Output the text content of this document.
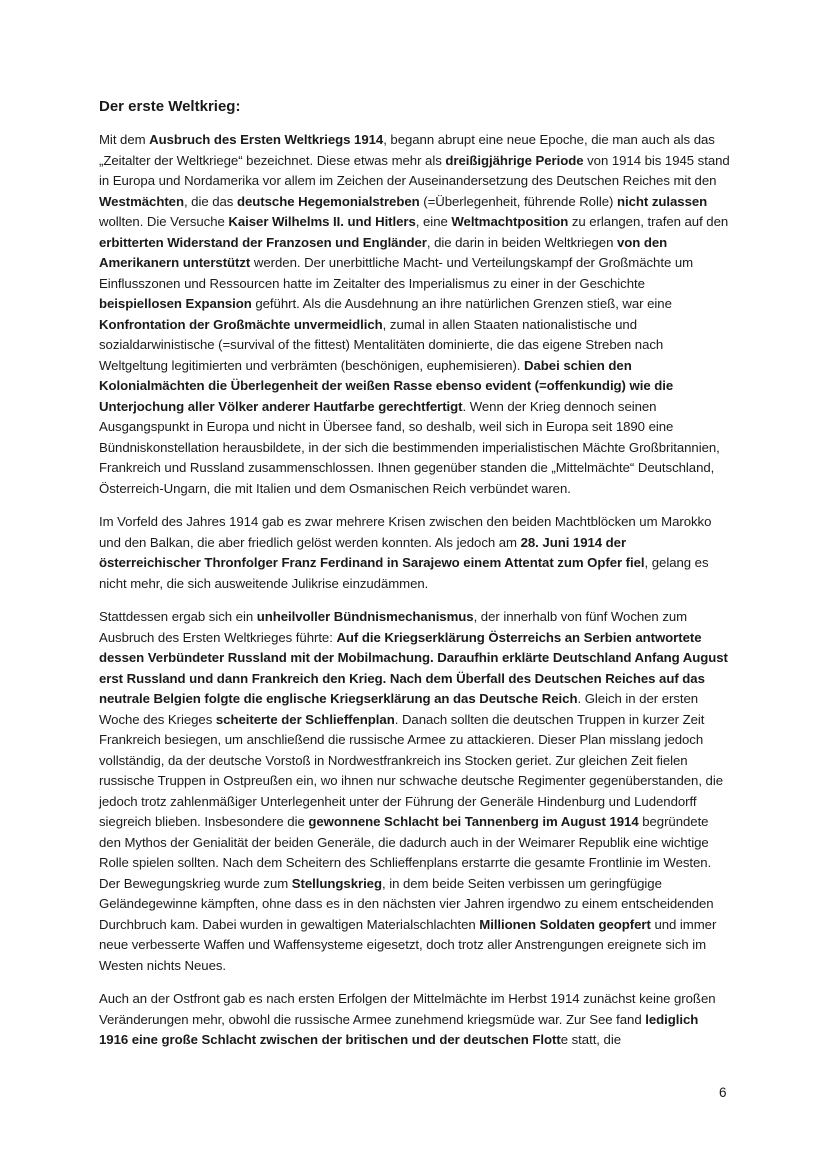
Der erste Weltkrieg:

Mit dem Ausbruch des Ersten Weltkriegs 1914, begann abrupt eine neue Epoche, die man auch als das „Zeitalter der Weltkriege“ bezeichnet. Diese etwas mehr als dreißigjährige Periode von 1914 bis 1945 stand in Europa und Nordamerika vor allem im Zeichen der Auseinandersetzung des Deutschen Reiches mit den Westmächten, die das deutsche Hegemonialstreben (=Überlegenheit, führende Rolle) nicht zulassen wollten. Die Versuche Kaiser Wilhelms II. und Hitlers, eine Weltmachtposition zu erlangen, trafen auf den erbitterten Widerstand der Franzosen und Engländer, die darin in beiden Weltkriegen von den Amerikanern unterstützt werden. Der unerbittliche Macht- und Verteilungskampf der Großmächte um Einflusszonen und Ressourcen hatte im Zeitalter des Imperialismus zu einer in der Geschichte beispiellosen Expansion geführt. Als die Ausdehnung an ihre natürlichen Grenzen stieß, war eine Konfrontation der Großmächte unvermeidlich, zumal in allen Staaten nationalistische und sozialdarwinistische (=survival of the fittest) Mentalitäten dominierte, die das eigene Streben nach Weltgeltung legitimierten und verbrämten (beschönigen, euphemisieren). Dabei schien den Kolonialmächten die Überlegenheit der weißen Rasse ebenso evident (=offenkundig) wie die Unterjochung aller Völker anderer Hautfarbe gerechtfertigt. Wenn der Krieg dennoch seinen Ausgangspunkt in Europa und nicht in Übersee fand, so deshalb, weil sich in Europa seit 1890 eine Bündniskonstellation herausbildete, in der sich die bestimmenden imperialistischen Mächte Großbritannien, Frankreich und Russland zusammenschlossen. Ihnen gegenüber standen die „Mittelmächte“ Deutschland, Österreich-Ungarn, die mit Italien und dem Osmanischen Reich verbündet waren.

Im Vorfeld des Jahres 1914 gab es zwar mehrere Krisen zwischen den beiden Machtblöcken um Marokko und den Balkan, die aber friedlich gelöst werden konnten. Als jedoch am 28. Juni 1914 der österreichischer Thronfolger Franz Ferdinand in Sarajewo einem Attentat zum Opfer fiel, gelang es nicht mehr, die sich ausweitende Julikrise einzudämmen.

Stattdessen ergab sich ein unheilvoller Bündnismechanismus, der innerhalb von fünf Wochen zum Ausbruch des Ersten Weltkrieges führte: Auf die Kriegserklärung Österreichs an Serbien antwortete dessen Verbündeter Russland mit der Mobilmachung. Daraufhin erklärte Deutschland Anfang August erst Russland und dann Frankreich den Krieg. Nach dem Überfall des Deutschen Reiches auf das neutrale Belgien folgte die englische Kriegserklärung an das Deutsche Reich. Gleich in der ersten Woche des Krieges scheiterte der Schlieffenplan. Danach sollten die deutschen Truppen in kurzer Zeit Frankreich besiegen, um anschließend die russische Armee zu attackieren. Dieser Plan misslang jedoch vollständig, da der deutsche Vorstoß in Nordwestfrankreich ins Stocken geriet. Zur gleichen Zeit fielen russische Truppen in Ostpreußen ein, wo ihnen nur schwache deutsche Regimenter gegenüberstanden, die jedoch trotz zahlenmäßiger Unterlegenheit unter der Führung der Generäle Hindenburg und Ludendorff siegreich blieben. Insbesondere die gewonnene Schlacht bei Tannenberg im August 1914 begründete den Mythos der Genialität der beiden Generäle, die dadurch auch in der Weimarer Republik eine wichtige Rolle spielen sollten. Nach dem Scheitern des Schlieffenplans erstarrte die gesamte Frontlinie im Westen. Der Bewegungskrieg wurde zum Stellungskrieg, in dem beide Seiten verbissen um geringfügige Geländegewinne kämpften, ohne dass es in den nächsten vier Jahren irgendwo zu einem entscheidenden Durchbruch kam. Dabei wurden in gewaltigen Materialschlachten Millionen Soldaten geopfert und immer neue verbesserte Waffen und Waffensysteme eigesetzt, doch trotz aller Anstrengungen ereignete sich im Westen nichts Neues.

Auch an der Ostfront gab es nach ersten Erfolgen der Mittelmächte im Herbst 1914 zunächst keine großen Veränderungen mehr, obwohl die russische Armee zunehmend kriegsmüde war. Zur See fand lediglich 1916 eine große Schlacht zwischen der britischen und der deutschen Flotte statt, die

6
